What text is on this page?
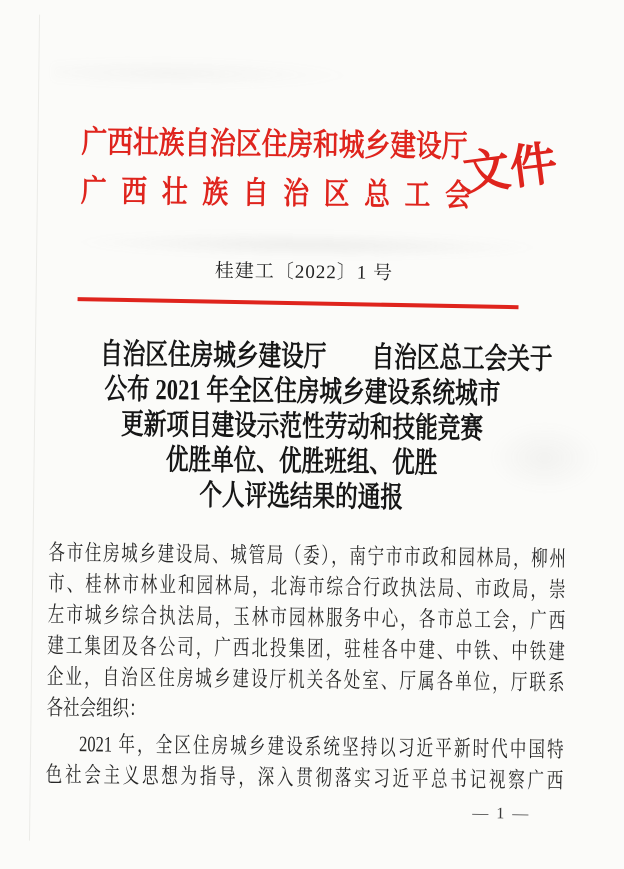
广西壮族自治区住房和城乡建设厅
广 西 壮 族 自 治 区 总 工 会
文件
桂建工〔2022〕1 号
自治区住房城乡建设厅　　自治区总工会关于
公布 2021 年全区住房城乡建设系统城市
更新项目建设示范性劳动和技能竞赛
优胜单位、优胜班组、优胜
个人评选结果的通报
各市住房城乡建设局、城管局（委），南宁市市政和园林局，柳州
市、桂林市林业和园林局，北海市综合行政执法局、市政局，崇
左市城乡综合执法局，玉林市园林服务中心，各市总工会，广西
建工集团及各公司，广西北投集团，驻桂各中建、中铁、中铁建
企业，自治区住房城乡建设厅机关各处室、厅属各单位，厅联系
各社会组织：
2021 年，全区住房城乡建设系统坚持以习近平新时代中国特
色社会主义思想为指导，深入贯彻落实习近平总书记视察广西
— 1 —
